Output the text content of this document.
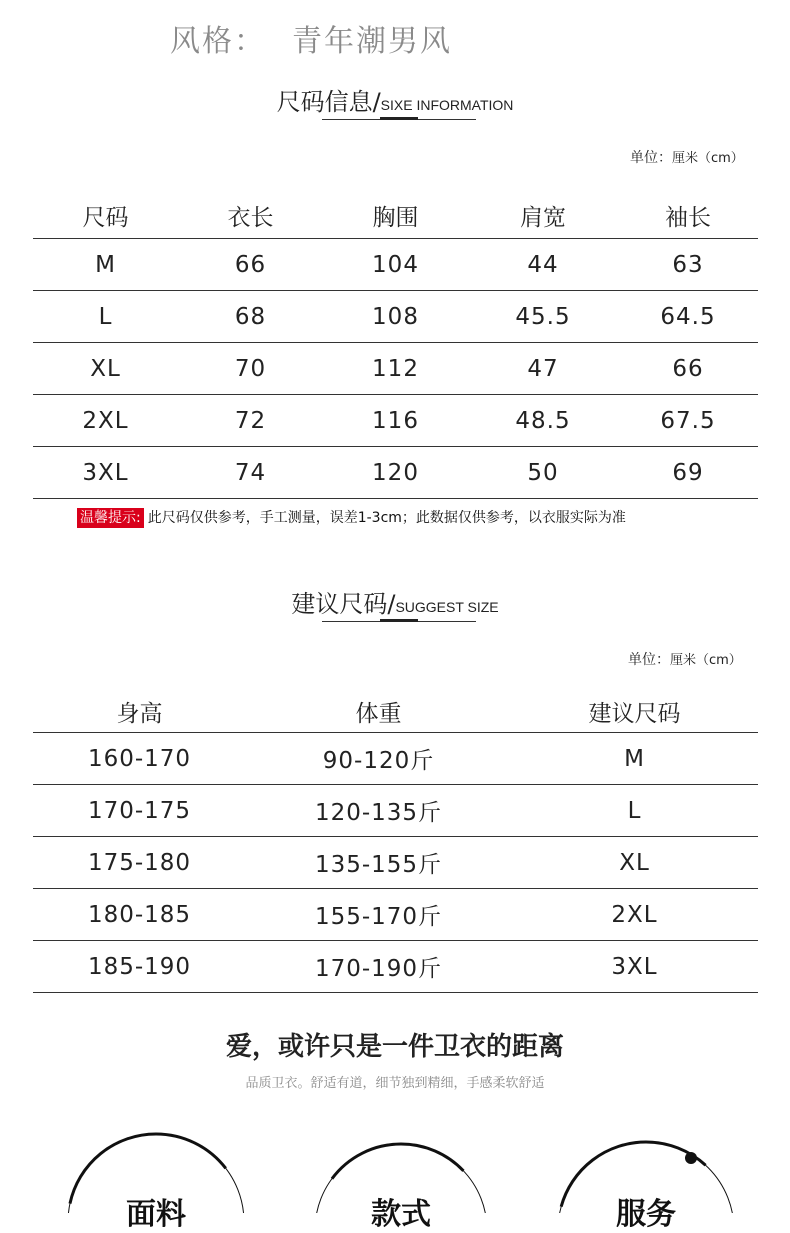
风格： 青年潮男风
尺码信息/SIXE INFORMATION
单位：厘米（cm）
尺码	衣长	胸围	肩宽	袖长
M	66	104	44	63
L	68	108	45.5	64.5
XL	70	112	47	66
2XL	72	116	48.5	67.5
3XL	74	120	50	69
温馨提示: 此尺码仅供参考，手工测量，误差1-3cm；此数据仅供参考，以衣服实际为准
建议尺码/SUGGEST SIZE
单位：厘米（cm）
身高	体重	建议尺码
160-170	90-120斤	M
170-175	120-135斤	L
175-180	135-155斤	XL
180-185	155-170斤	2XL
185-190	170-190斤	3XL
爱，或许只是一件卫衣的距离
品质卫衣。舒适有道，细节独到精细，手感柔软舒适
面料	款式	服务
